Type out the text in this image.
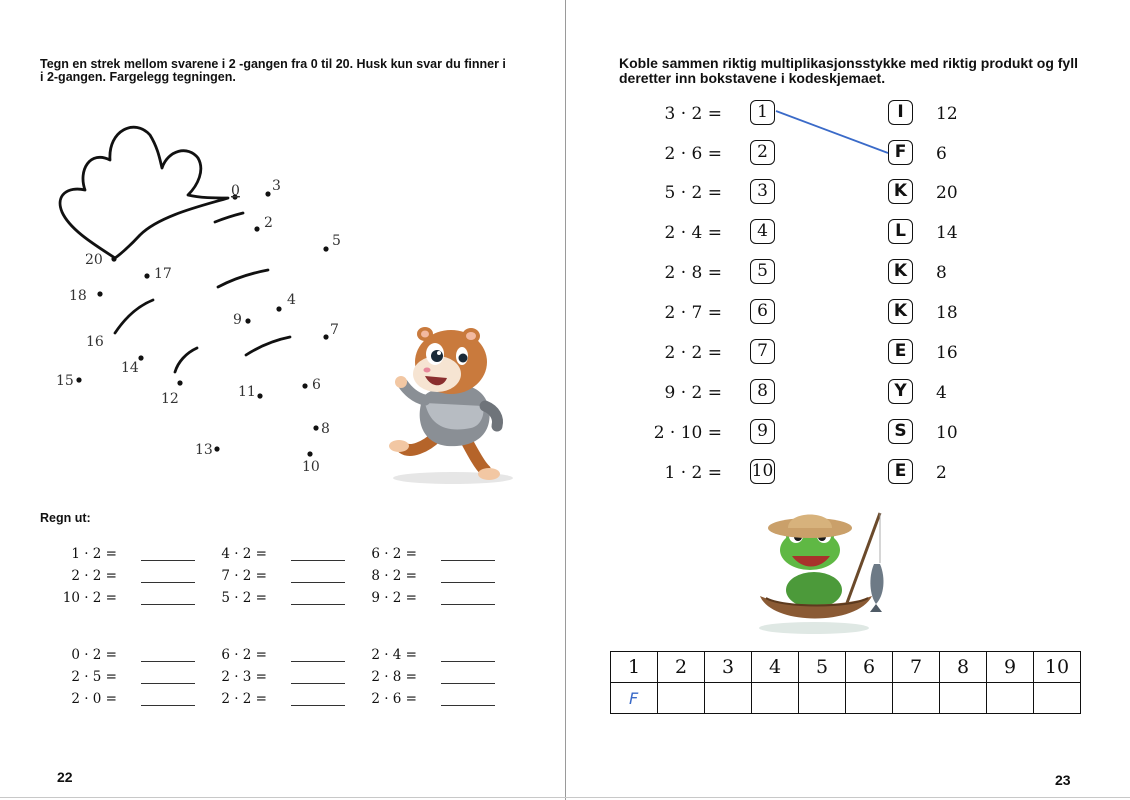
Tegn en strek mellom svarene i 2 -gangen fra 0 til 20. Husk kun svar du finner i i 2-gangen. Fargelegg tegningen.
0 3
2
5
20
17
18	4
9
7
16
14
15
12	11	6
8
13
10
Regn ut:
1 · 2 =	4 · 2 =	6 · 2 =
2 · 2 =	7 · 2 =	8 · 2 =
10 · 2 =	5 · 2 =	9 · 2 =
0 · 2 =	6 · 2 =	2 · 4 =
2 · 5 =	2 · 3 =	2 · 8 =
2 · 0 =	2 · 2 =	2 · 6 =
22
Koble sammen riktig multiplikasjonsstykke med riktig produkt og fyll deretter inn bokstavene i kodeskjemaet.
3 · 2 =	1	I	12
2 · 6 =	2	F	6
5 · 2 =	3	K	20
2 · 4 =	4	L	14
2 · 8 =	5	K	8
2 · 7 =	6	K	18
2 · 2 =	7	E	16
9 · 2 =	8	Y	4
2 · 10 =	9	S	10
1 · 2 = 10	E	2
1	2	3	4	5	6	7	8	9	10
F									
23
